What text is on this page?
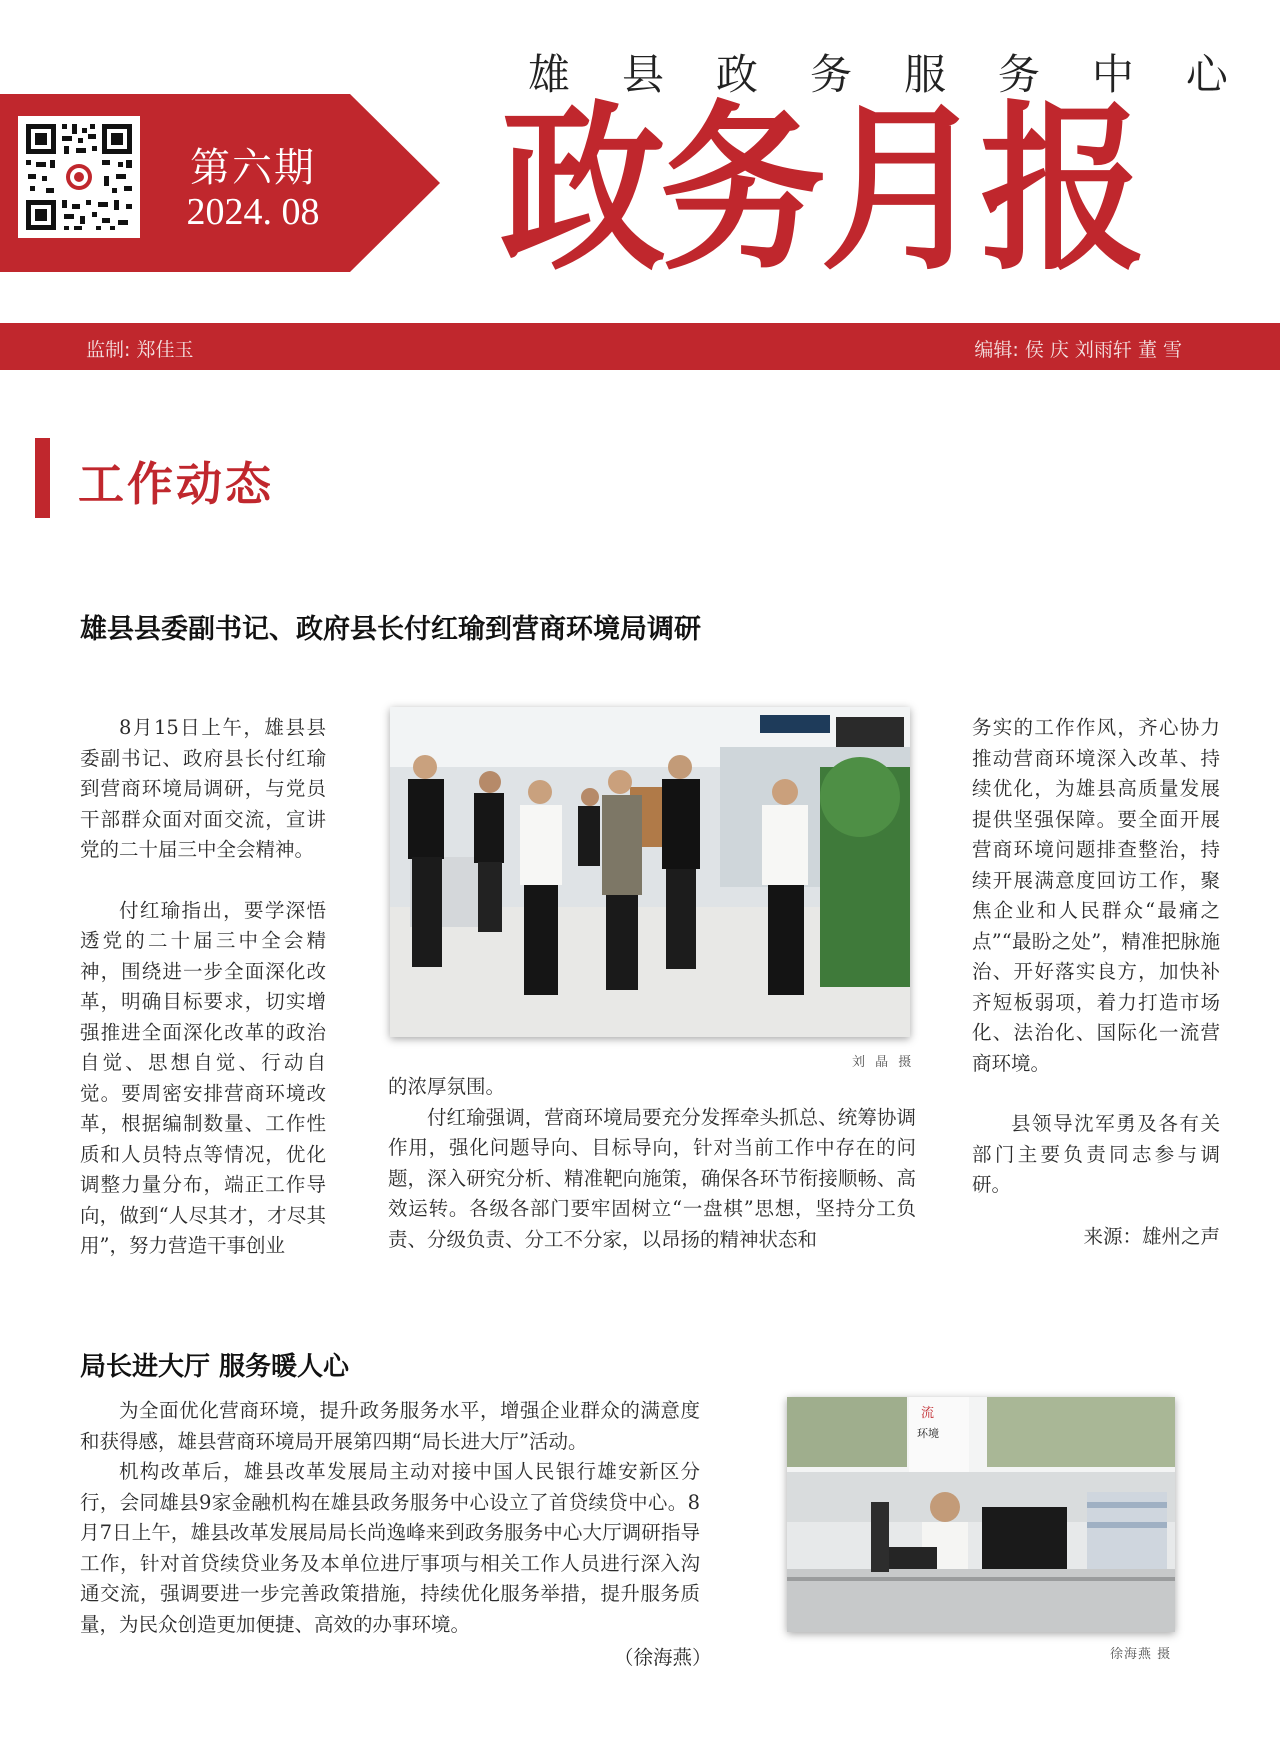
第六期
2024. 08
雄 县 政 务 服 务 中 心
政务月报
监制: 郑佳玉	编辑: 侯 庆 刘雨轩 董 雪
工作动态
雄县县委副书记、政府县长付红瑜到营商环境局调研

8月15日上午，雄县县委副书记、政府县长付红瑜到营商环境局调研，与党员干部群众面对面交流，宣讲党的二十届三中全会精神。

付红瑜指出，要学深悟透党的二十届三中全会精神，围绕进一步全面深化改革，明确目标要求，切实增强推进全面深化改革的政治自觉、思想自觉、行动自觉。要周密安排营商环境改革，根据编制数量、工作性质和人员特点等情况，优化调整力量分布，端正工作导向，做到“人尽其才，才尽其用”，努力营造干事创业

刘 晶 摄

的浓厚氛围。

付红瑜强调，营商环境局要充分发挥牵头抓总、统筹协调作用，强化问题导向、目标导向，针对当前工作中存在的问题，深入研究分析、精准靶向施策，确保各环节衔接顺畅、高效运转。各级各部门要牢固树立“一盘棋”思想，坚持分工负责、分级负责、分工不分家，以昂扬的精神状态和

务实的工作作风，齐心协力推动营商环境深入改革、持续优化，为雄县高质量发展提供坚强保障。要全面开展营商环境问题排查整治，持续开展满意度回访工作，聚焦企业和人民群众“最痛之点”“最盼之处”，精准把脉施治、开好落实良方，加快补齐短板弱项，着力打造市场化、法治化、国际化一流营商环境。

县领导沈军勇及各有关部门主要负责同志参与调研。

来源：雄州之声
局长进大厅 服务暖人心

为全面优化营商环境，提升政务服务水平，增强企业群众的满意度和获得感，雄县营商环境局开展第四期“局长进大厅”活动。

机构改革后，雄县改革发展局主动对接中国人民银行雄安新区分行，会同雄县9家金融机构在雄县政务服务中心设立了首贷续贷中心。8月7日上午，雄县改革发展局局长尚逸峰来到政务服务中心大厅调研指导工作，针对首贷续贷业务及本单位进厅事项与相关工作人员进行深入沟通交流，强调要进一步完善政策措施，持续优化服务举措，提升服务质量，为民众创造更加便捷、高效的办事环境。

（徐海燕）
流
环境
徐海燕 摄
